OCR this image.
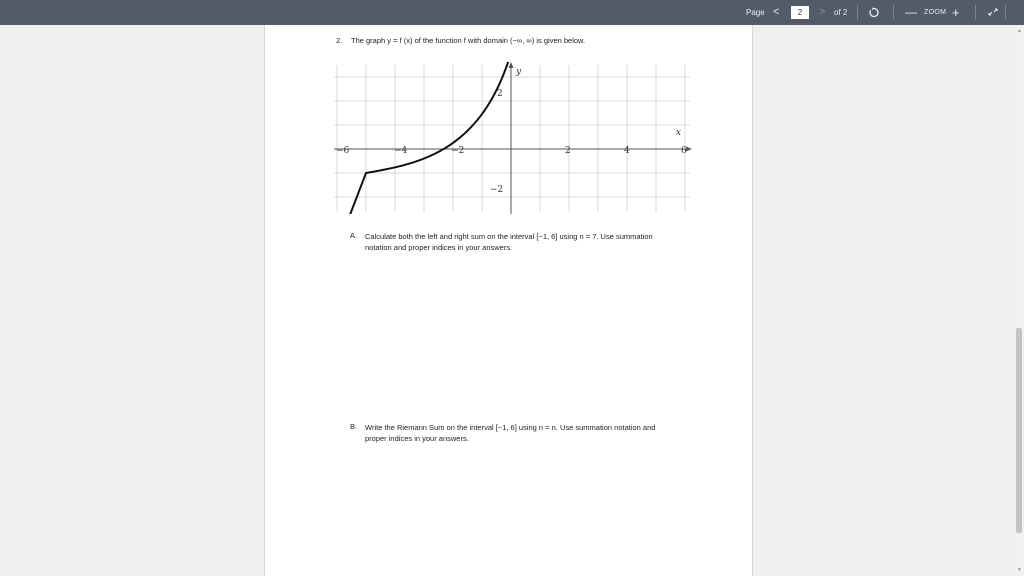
Page <
2	> of 2	— ZOOM +
2. The graph y = f (x) of the function f with domain (−∞, ∞) is given below.
y
x
−6	−4	−2	2	4	6
2
−2
A. Calculate both the left and right sum on the interval [−1, 6] using n = 7. Use summation
notation and proper indices in your answers.
B. Write the Riemann Sum on the interval [−1, 6] using n = n. Use summation notation and
proper indices in your answers.
▲
▼
